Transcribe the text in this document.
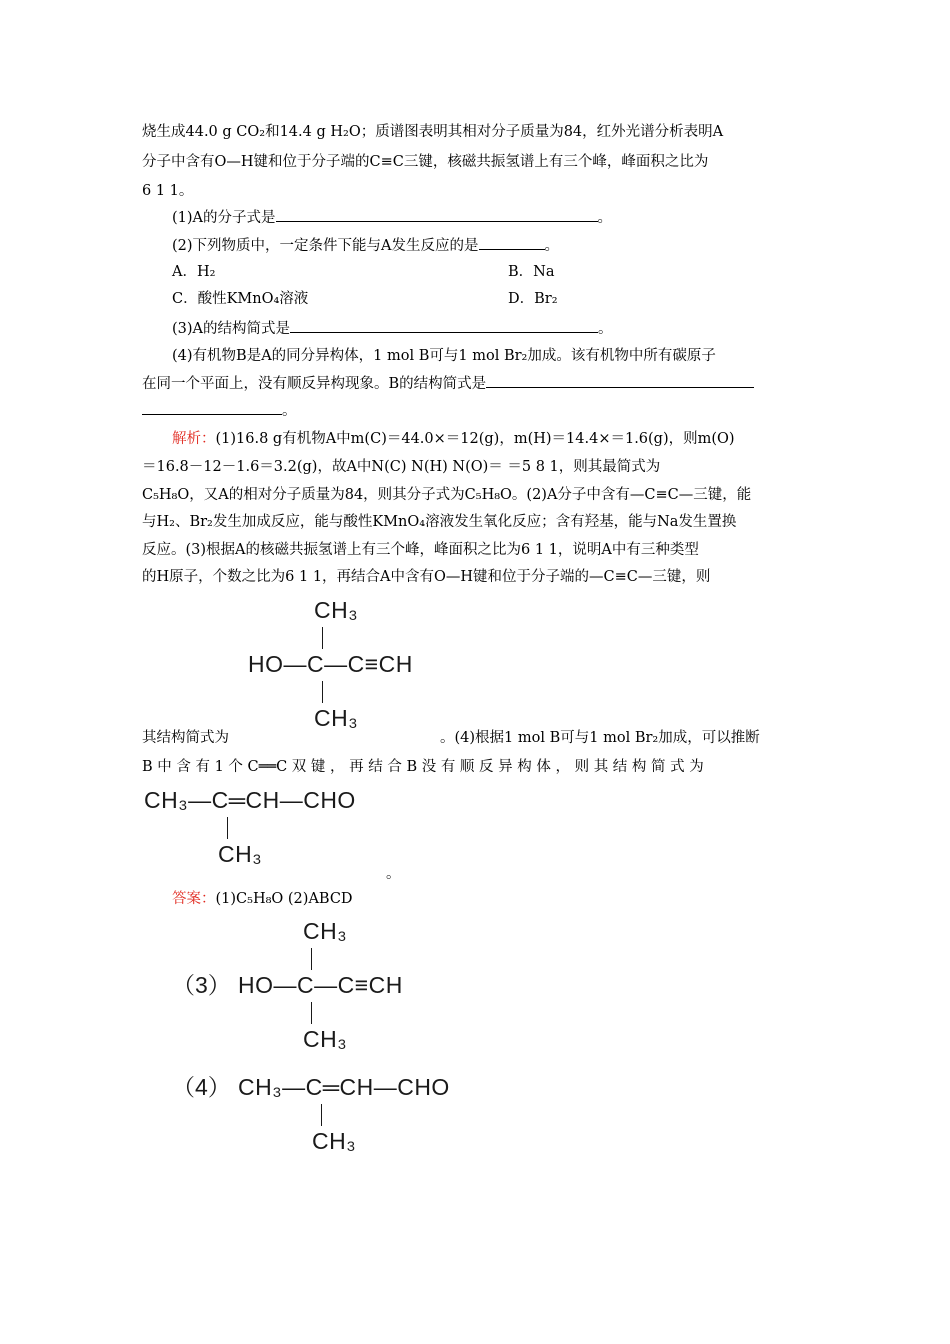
烧生成44.0 g CO₂和14.4 g H₂O；质谱图表明其相对分子质量为84，红外光谱分析表明A
分子中含有O—H键和位于分子端的C≡C三键，核磁共振氢谱上有三个峰，峰面积之比为
6 1 1。
(1)A的分子式是	。
(2)下列物质中，一定条件下能与A发生反应的是	。
A．H₂	B．Na
C．酸性KMnO₄溶液	D．Br₂
(3)A的结构简式是	。
(4)有机物B是A的同分异构体，1 mol B可与1 mol Br₂加成。该有机物中所有碳原子
在同一个平面上，没有顺反异构现象。B的结构简式是
。
解析：(1)16.8 g有机物A中m(C)＝44.0×＝12(g)，m(H)＝14.4×＝1.6(g)，则m(O)
＝16.8－12－1.6＝3.2(g)，故A中N(C) N(H) N(O)＝ ＝5 8 1，则其最简式为
C₅H₈O，又A的相对分子质量为84，则其分子式为C₅H₈O。(2)A分子中含有—C≡C—三键，能
与H₂、Br₂发生加成反应，能与酸性KMnO₄溶液发生氧化反应；含有羟基，能与Na发生置换
反应。(3)根据A的核磁共振氢谱上有三个峰，峰面积之比为6 1 1，说明A中有三种类型
的H原子，个数之比为6 1 1，再结合A中含有O—H键和位于分子端的—C≡C—三键，则
CH₃
HO—C—C≡CH
CH₃
其结构简式为	。(4)根据1 mol B可与1 mol Br₂加成，可以推断
B 中 含 有 1 个 C══C 双 键 ， 再 结 合 B 没 有 顺 反 异 构 体 ， 则 其 结 构 简 式 为
CH₃—C═CH—CHO
CH₃
。
答案：(1)C₅H₈O (2)ABCD
（3）
CH₃
HO—C—C≡CH
CH₃
（4） CH₃—C═CH—CHO
CH₃
